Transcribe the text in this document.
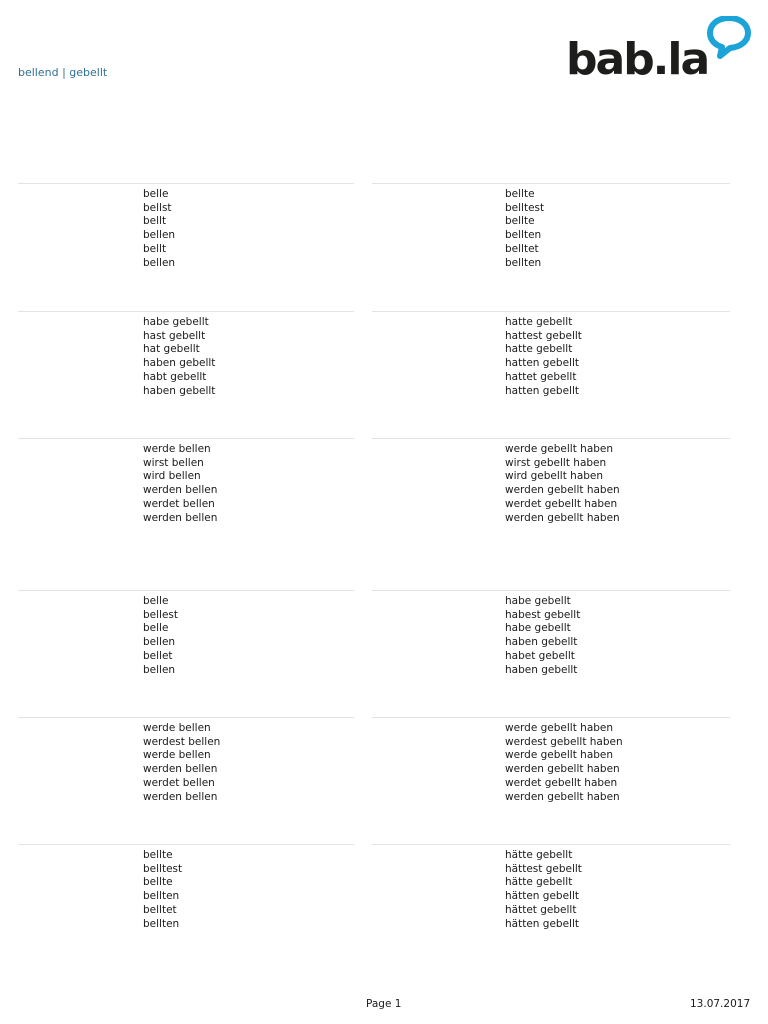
bellend | gebellt	bab.la
belle
bellst
bellt
bellen
bellt
bellen
bellte
belltest
bellte
bellten
belltet
bellten
habe gebellt
hast gebellt
hat gebellt
haben gebellt
habt gebellt
haben gebellt
hatte gebellt
hattest gebellt
hatte gebellt
hatten gebellt
hattet gebellt
hatten gebellt
werde bellen
wirst bellen
wird bellen
werden bellen
werdet bellen
werden bellen
werde gebellt haben
wirst gebellt haben
wird gebellt haben
werden gebellt haben
werdet gebellt haben
werden gebellt haben
belle
bellest
belle
bellen
bellet
bellen
habe gebellt
habest gebellt
habe gebellt
haben gebellt
habet gebellt
haben gebellt
werde bellen
werdest bellen
werde bellen
werden bellen
werdet bellen
werden bellen
werde gebellt haben
werdest gebellt haben
werde gebellt haben
werden gebellt haben
werdet gebellt haben
werden gebellt haben
bellte
belltest
bellte
bellten
belltet
bellten
hätte gebellt
hättest gebellt
hätte gebellt
hätten gebellt
hättet gebellt
hätten gebellt
Page 1	13.07.2017
